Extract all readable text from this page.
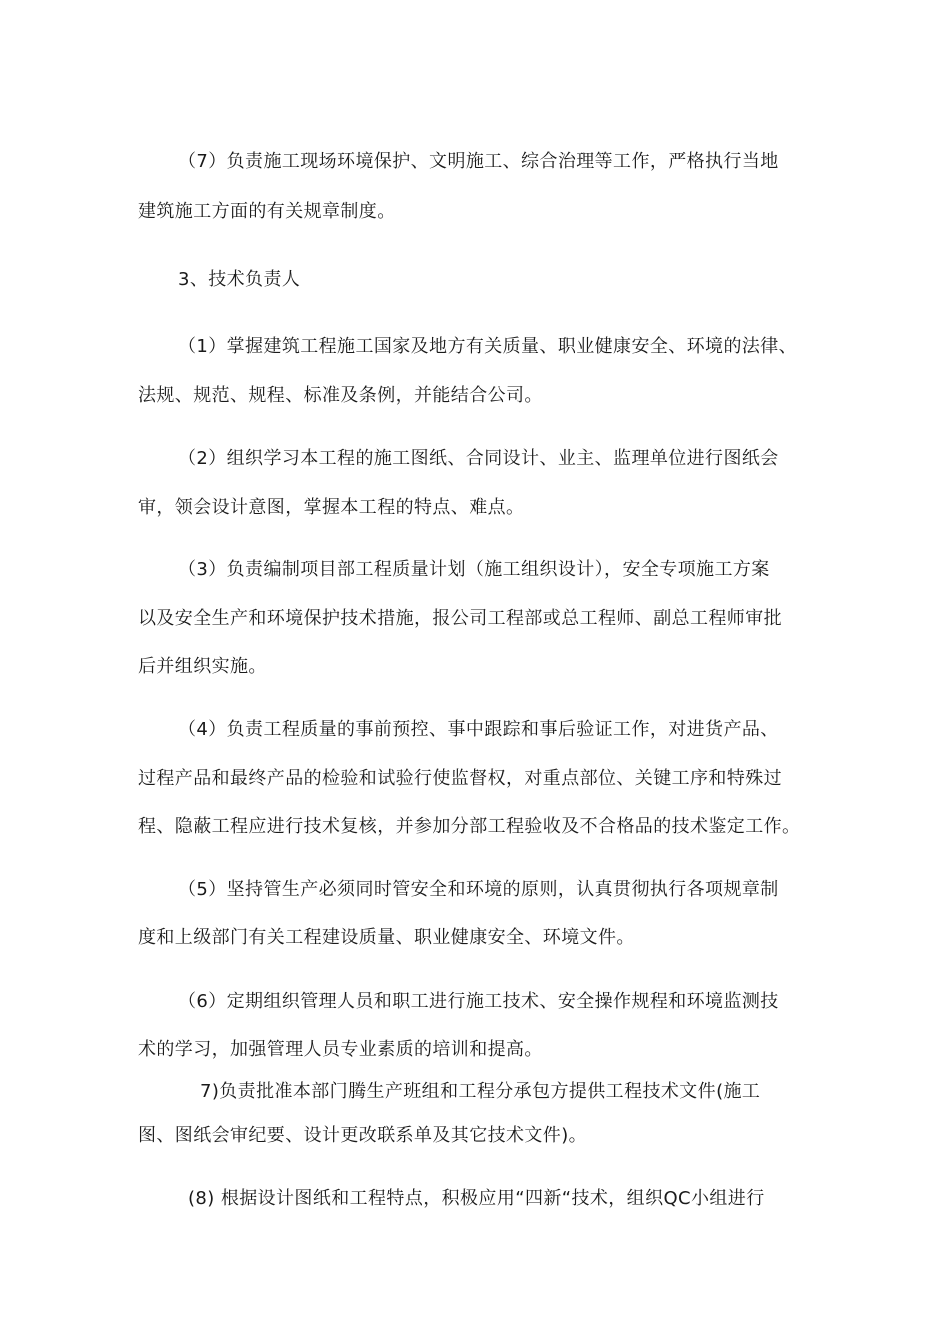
（7）负责施工现场环境保护、文明施工、综合治理等工作，严格执行当地
建筑施工方面的有关规章制度。
3、技术负责人
（1）掌握建筑工程施工国家及地方有关质量、职业健康安全、环境的法律、
法规、规范、规程、标准及条例，并能结合公司。
（2）组织学习本工程的施工图纸、合同设计、业主、监理单位进行图纸会
审，领会设计意图，掌握本工程的特点、难点。
（3）负责编制项目部工程质量计划（施工组织设计），安全专项施工方案
以及安全生产和环境保护技术措施，报公司工程部或总工程师、副总工程师审批
后并组织实施。
（4）负责工程质量的事前预控、事中跟踪和事后验证工作，对进货产品、
过程产品和最终产品的检验和试验行使监督权，对重点部位、关键工序和特殊过
程、隐蔽工程应进行技术复核，并参加分部工程验收及不合格品的技术鉴定工作。
（5）坚持管生产必须同时管安全和环境的原则，认真贯彻执行各项规章制
度和上级部门有关工程建设质量、职业健康安全、环境文件。
（6）定期组织管理人员和职工进行施工技术、安全操作规程和环境监测技
术的学习，加强管理人员专业素质的培训和提高。
7)负责批准本部门腾生产班组和工程分承包方提供工程技术文件(施工
图、图纸会审纪要、设计更改联系单及其它技术文件)。
(8) 根据设计图纸和工程特点，积极应用“四新“技术，组织QC小组进行
